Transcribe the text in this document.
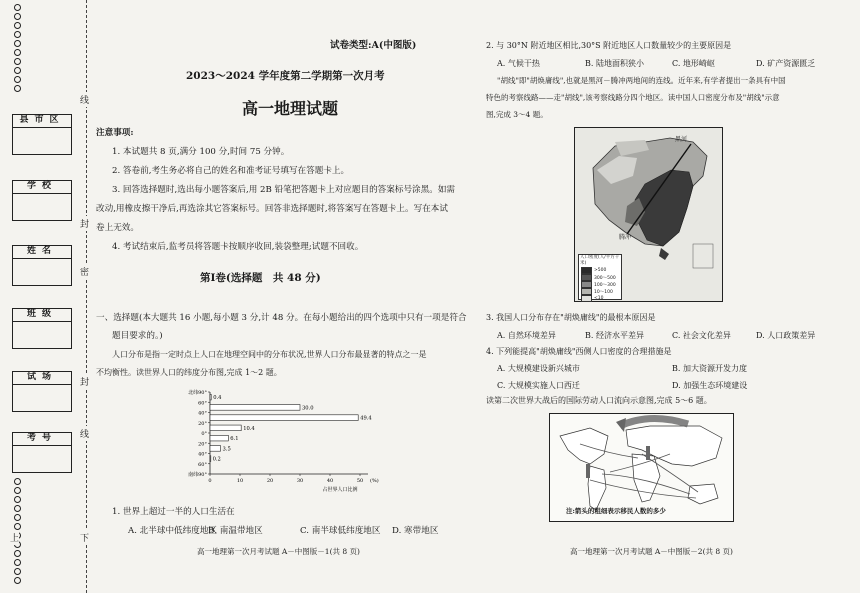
线
封
密
封
线
上	下
县市区
学校
姓名
班级
试场
考号
试卷类型:A(中图版)
2023～2024 学年度第二学期第一次月考
高一地理试题
注意事项:
1. 本试题共 8 页,满分 100 分,时间 75 分钟。
2. 答卷前,考生务必将自己的姓名和准考证号填写在答题卡上。
3. 回答选择题时,选出每小题答案后,用 2B 铅笔把答题卡上对应题目的答案标号涂黑。如需
改动,用橡皮擦干净后,再选涂其它答案标号。回答非选择题时,将答案写在答题卡上。写在本试
卷上无效。
4. 考试结束后,监考员将答题卡按顺序收回,装袋整理;试题不回收。
第Ⅰ卷(选择题　共 48 分)
一、选择题(本大题共 16 小题,每小题 3 分,计 48 分。在每小题给出的四个选项中只有一项是符合
题目要求的。)
人口分布是指一定时点上人口在地理空间中的分布状况,世界人口分布最显著的特点之一是
不均衡性。读世界人口的纬度分布图,完成 1～2 题。
北纬90°
60°
40°
20°
0°
20°
40°
60°
南纬90°
0.4
30.0
49.4
10.4
6.1
3.5
0.2
0	10	20	30	40	50 (%)
占世界人口比例
1. 世界上超过一半的人口生活在
A. 北半球中低纬度地区
B. 南温带地区	C. 南半球低纬度地区 D. 寒带地区
高一地理第一次月考试题 A－中图版－1(共 8 页)
2. 与 30°N 附近地区相比,30°S 附近地区人口数量较少的主要原因是
A. 气候干热	B. 陆地面积狭小	C. 地形崎岖	D. 矿产资源匮乏
"胡线"即"胡焕庸线",也就是黑河－腾冲两地间的连线。近年来,有学者提出一条具有中国
特色的考察线路——走"胡线",该考察线路分四个地区。读中国人口密度分布及"胡线"示意
图,完成 3～4 题。
黑河
腾冲
人口密度(人/平方千米)
>500
300～500
100～300
10～100
<10
3. 我国人口分布存在"胡焕庸线"的最根本原因是
A. 自然环境差异	B. 经济水平差异	C. 社会文化差异	D. 人口政策差异
4. 下列能提高"胡焕庸线"西侧人口密度的合理措施是
A. 大规模建设新兴城市	B. 加大资源开发力度
C. 大规模实施人口西迁	D. 加强生态环境建设
读第二次世界大战后的国际劳动人口流向示意图,完成 5～6 题。
注:箭头的粗细表示移民人数的多少
高一地理第一次月考试题 A－中图版－2(共 8 页)
